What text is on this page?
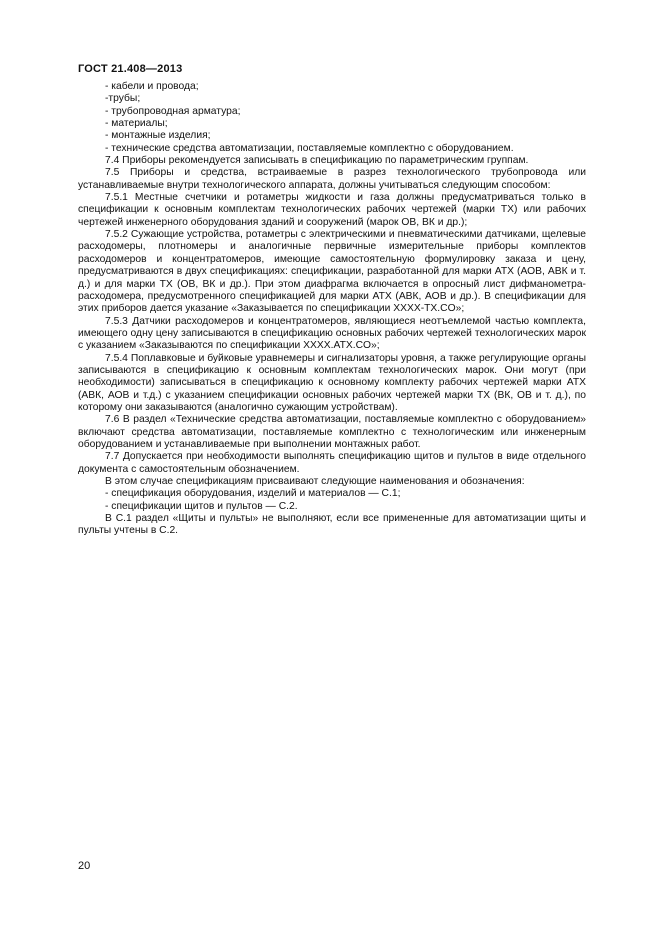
ГОСТ 21.408—2013

- кабели и провода;

-трубы;

- трубопроводная арматура;

- материалы;

- монтажные изделия;

- технические средства автоматизации, поставляемые комплектно с оборудованием.

7.4 Приборы рекомендуется записывать в спецификацию по параметрическим группам.

7.5 Приборы и средства, встраиваемые в разрез технологического трубопровода или устанавливаемые внутри технологического аппарата, должны учитываться следующим способом:

7.5.1 Местные счетчики и ротаметры жидкости и газа должны предусматриваться только в спецификации к основным комплектам технологических рабочих чертежей (марки ТХ) или рабочих чертежей инженерного оборудования зданий и сооружений (марок ОВ, ВК и др.);

7.5.2 Сужающие устройства, ротаметры с электрическими и пневматическими датчиками, щелевые расходомеры, плотномеры и аналогичные первичные измерительные приборы комплектов расходомеров и концентратомеров, имеющие самостоятельную формулировку заказа и цену, предусматриваются в двух спецификациях: спецификации, разработанной для марки АТХ (АОВ, АВК и т. д.) и для марки ТХ (ОВ, ВК и др.). При этом диафрагма включается в опросный лист дифманометра-расходомера, предусмотренного спецификацией для марки АТХ (АВК, АОВ и др.). В спецификации для этих приборов дается указание «Заказывается по спецификации XXXX-TX.CO»;

7.5.3 Датчики расходомеров и концентратомеров, являющиеся неотъемлемой частью комплекта, имеющего одну цену записываются в спецификацию основных рабочих чертежей технологических марок с указанием «Заказываются по спецификации XXXX.ATX.CO»;

7.5.4 Поплавковые и буйковые уравнемеры и сигнализаторы уровня, а также регулирующие органы записываются в спецификацию к основным комплектам технологических марок. Они могут (при необходимости) записываться в спецификацию к основному комплекту рабочих чертежей марки АТХ (АВК, АОВ и т.д.) с указанием спецификации основных рабочих чертежей марки ТХ (ВК, ОВ и т. д.), по которому они заказываются (аналогично сужающим устройствам).

7.6 В раздел «Технические средства автоматизации, поставляемые комплектно с оборудованием» включают средства автоматизации, поставляемые комплектно с технологическим или инженерным оборудованием и устанавливаемые при выполнении монтажных работ.

7.7 Допускается при необходимости выполнять спецификацию щитов и пультов в виде отдельного документа с самостоятельным обозначением.

В этом случае спецификациям присваивают следующие наименования и обозначения:

- спецификация оборудования, изделий и материалов — С.1;

- спецификации щитов и пультов — С.2.

В С.1 раздел «Щиты и пульты» не выполняют, если все примененные для автоматизации щиты и пульты учтены в С.2.

20
